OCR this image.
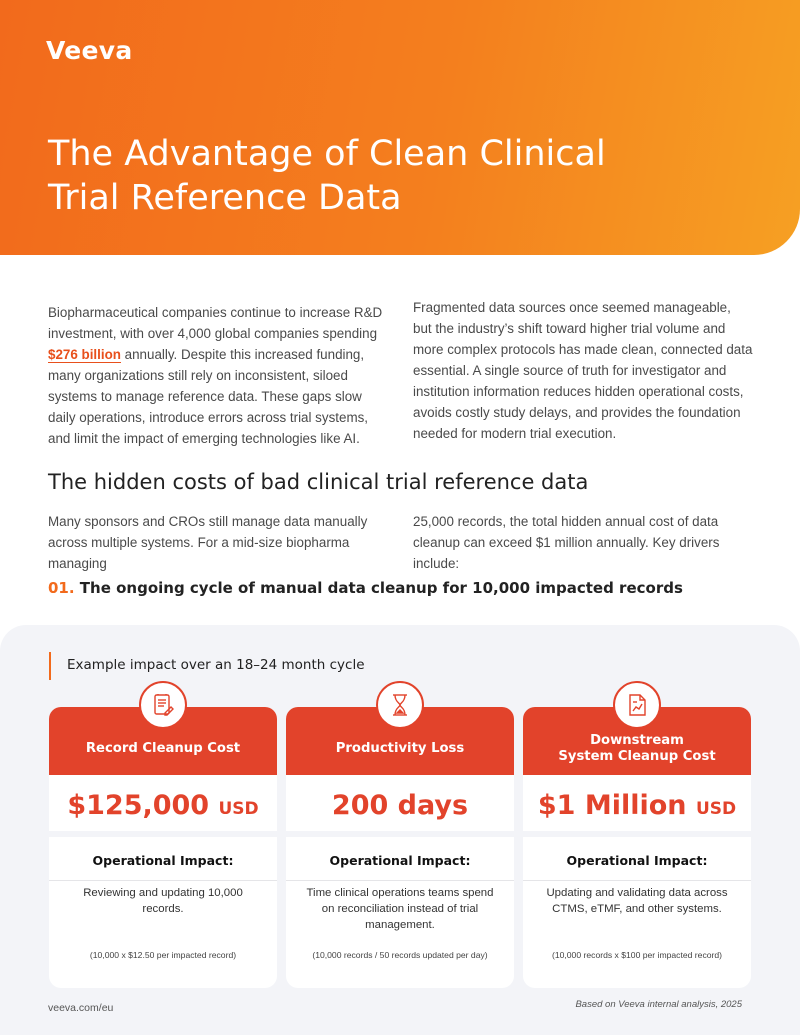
Veeva
The Advantage of Clean Clinical
Trial Reference Data
Biopharmaceutical companies continue to increase R&D investment, with over 4,000 global companies spending $276 billion annually. Despite this increased funding, many organizations still rely on inconsistent, siloed systems to manage reference data. These gaps slow daily operations, introduce errors across trial systems, and limit the impact of emerging technologies like AI.
Fragmented data sources once seemed manageable, but the industry’s shift toward higher trial volume and more complex protocols has made clean, connected data essential. A single source of truth for investigator and institution information reduces hidden operational costs, avoids costly study delays, and provides the foundation needed for modern trial execution.
The hidden costs of bad clinical trial reference data
Many sponsors and CROs still manage data manually across multiple systems. For a mid-size biopharma managing
25,000 records, the total hidden annual cost of data cleanup can exceed $1 million annually. Key drivers include:
01. The ongoing cycle of manual data cleanup for 10,000 impacted records
Example impact over an 18–24 month cycle
Record Cleanup Cost
$125,000 USD
Operational Impact:
Reviewing and updating 10,000 records.
(10,000 x $12.50 per impacted record)
Productivity Loss
200 days
Operational Impact:
Time clinical operations teams spend on reconciliation instead of trial management.
(10,000 records / 50 records updated per day)
Downstream
System Cleanup Cost
$1 Million USD
Operational Impact:
Updating and validating data across CTMS, eTMF, and other systems.
(10,000 records x $100 per impacted record)
veeva.com/eu	Based on Veeva internal analysis, 2025
